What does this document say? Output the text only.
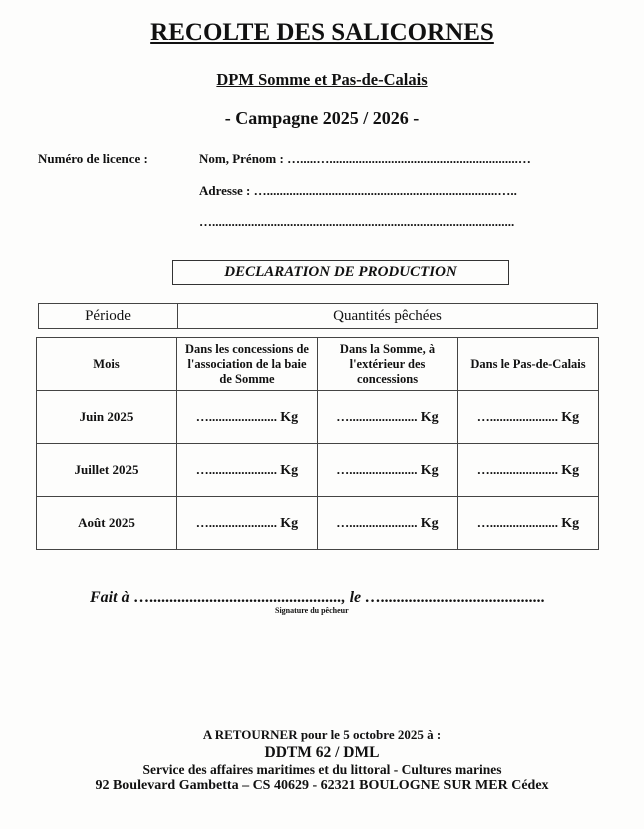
RECOLTE DES SALICORNES
DPM Somme et Pas-de-Calais
- Campagne 2025 / 2026 -
Numéro de licence :	Nom, Prénom : ….....…..........................................................…
Adresse : ….......................................................................…..
….............................................................................................
DECLARATION DE PRODUCTION
Période	Quantités pêchées
Mois	Dans les concessions de l'association de la baie de Somme	Dans la Somme, à l'extérieur des concessions	Dans le Pas-de-Calais
Juin 2025	…..................... Kg	…..................... Kg	…..................... Kg
Juillet 2025	…..................... Kg	…..................... Kg	…..................... Kg
Août 2025	…..................... Kg	…..................... Kg	…..................... Kg
Fait à …................................................, le ….........................................
Signature du pêcheur
A RETOURNER pour le 5 octobre 2025 à :
DDTM 62 / DML
Service des affaires maritimes et du littoral - Cultures marines
92 Boulevard Gambetta – CS 40629 - 62321 BOULOGNE SUR MER Cédex
